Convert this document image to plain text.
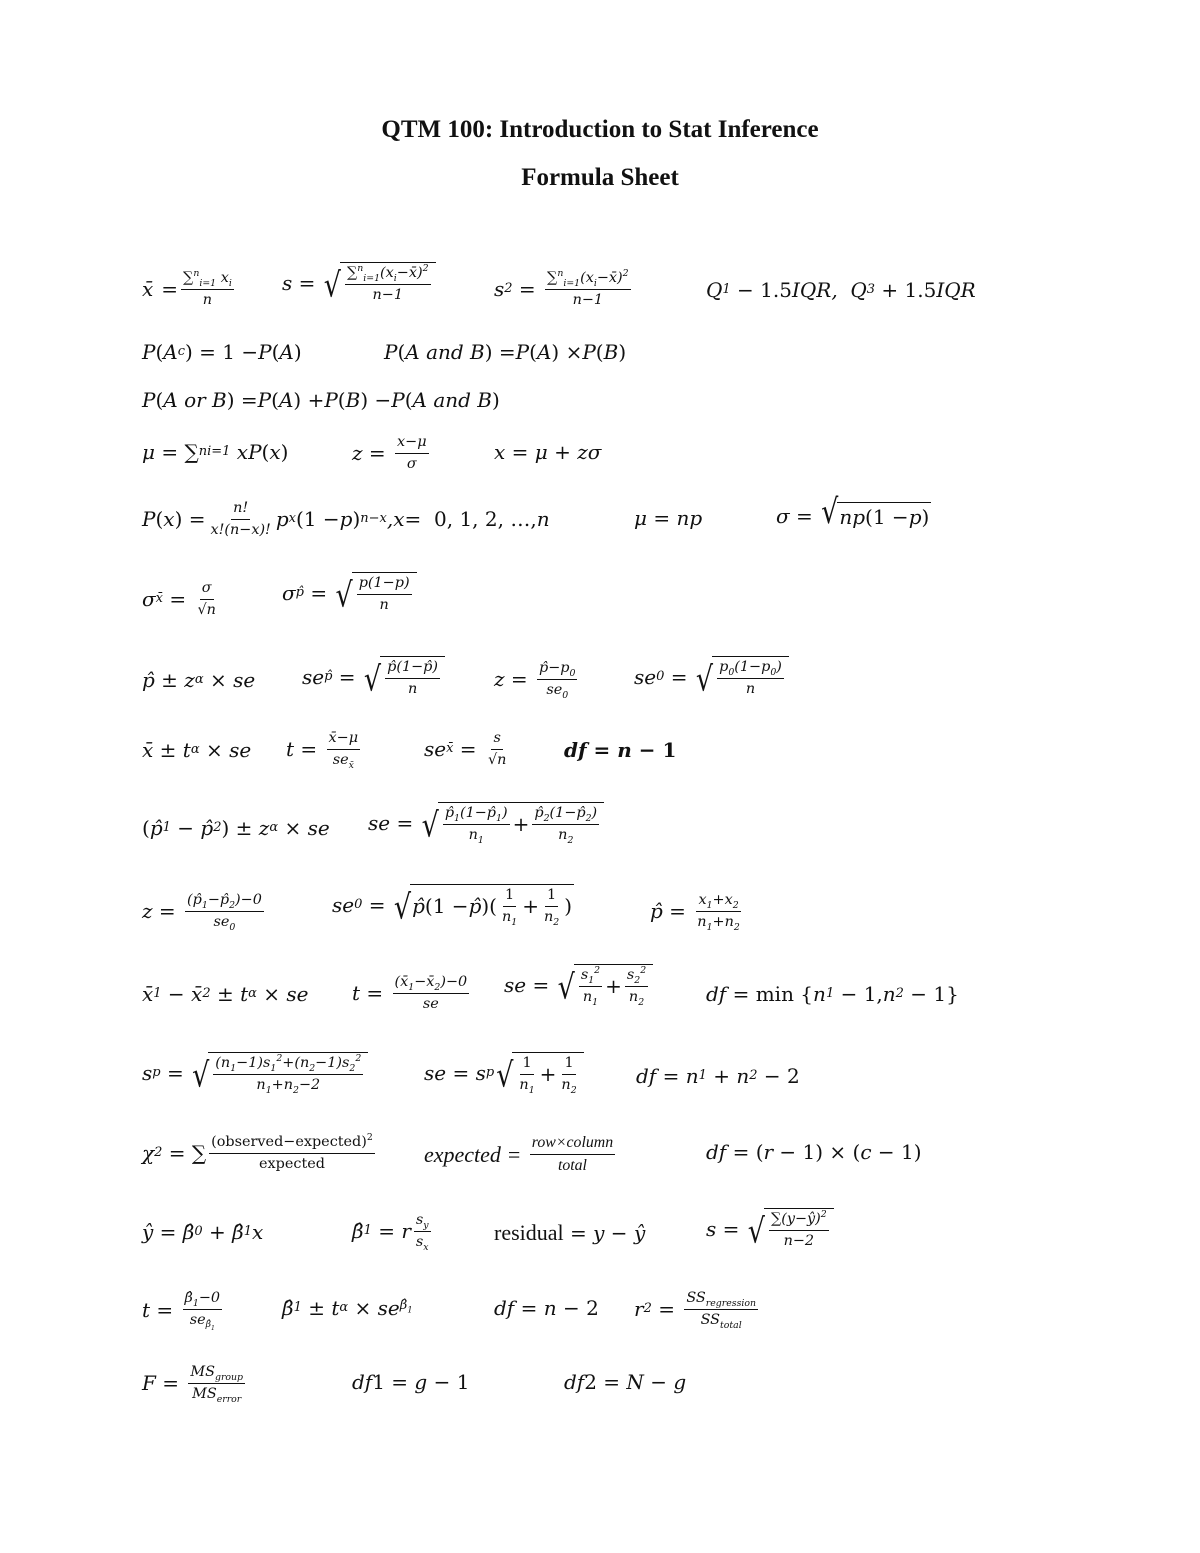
QTM 100: Introduction to Stat Inference
Formula Sheet
x̄ = $\frac{\sum^n_{i=1} x_i}{n}$ s = √ $\sum^n_{i=1}(x_i-x̄)^2$
n−1	s $2 = \frac{\sum^n_{i=1}(x_i-x̄)^2}{n-1}$	Q 1 − 1.5 IQR,  Q 3 + 1.5 IQR
P ( A c ) = 1 − P ( A )	P ( A and B ) = P ( A ) × P ( B )
P ( A or B ) = P ( A ) + P ( B ) − P ( A and B )
μ = ∑ n i=1 xP ( x )	$z = \frac{x-\mu}{\sigma}$	x = μ + zσ
P ( x ) = $\frac{n!}{x!(n-x)!}$ p x (1 − p ) n−x ,x =  0, 1, 2, …, n	μ = np	σ = √ np (1 − p )
σ x̄ = $\frac{\sigma}{√n}$	σ p̂ = √ p(1−p)
n
p̂ ± z α × se se p̂ = √ p̂(1−p̂)
n	$z = \frac{p̂-p_0}{se_0}$	se 0 = √ $p_0(1-p_0)$
n
x̄ ± t α × se t = x̄−μ
$se_{x̄}$
se x̄ = $\frac{s}{√n}$	df = n − 1
( p̂ 1 − p̂ 2 ) ± z α × se se = √ $p̂_1(1-p̂_1)$
$n_1$
+ $\frac{p̂_2(1-p̂_2)}{n_2}$
$z = \frac{(p̂_1-p̂_2)-0}{se_0}$	se 0 = √ p̂ (1 − p̂ )( 1
$n_1$
+ $\frac{1}{n_2}$ )	p̂ = $\frac{x_1+x_2}{n_1+n_2}$
x̄ 1 − x̄ 2 ± t α × se $t = \frac{(x̄_1-x̄_2)-0}{se}$ se = √ $s_1^2$
$n_1$
+ $\frac{s_2^2}{n_2}$	df = min { n 1 − 1, n 2 − 1}
s p = √ $(n_1-1)s_1^2+(n_2-1)s_2^2$
$n_1+n_2-2$	se = s p √ 1
$n_1$
+ $\frac{1}{n_2}$	df = n 1 + n 2 − 2
χ 2 = ∑ (observed−expected)$^2$
expected	expected = row×column
total
df = ( r − 1) × ( c − 1)
ŷ = β̂ 0 + β̂ 1 x	β̂ 1 = r $\frac{s_y}{s_x}$	residual = y − ŷ	s = √ ∑(y−ŷ)$^2$
n−2
$t = \betâ_1-0$
$se_{\betâ_1}$
β̂ 1 ± t α × se $\betâ_1$	df = n − 2 r $2 = SS_{regression}$
$SS_{total}$
$F = MS_{group}$
$MS_{error}$
df 1 = g − 1	df 2 = N − g
